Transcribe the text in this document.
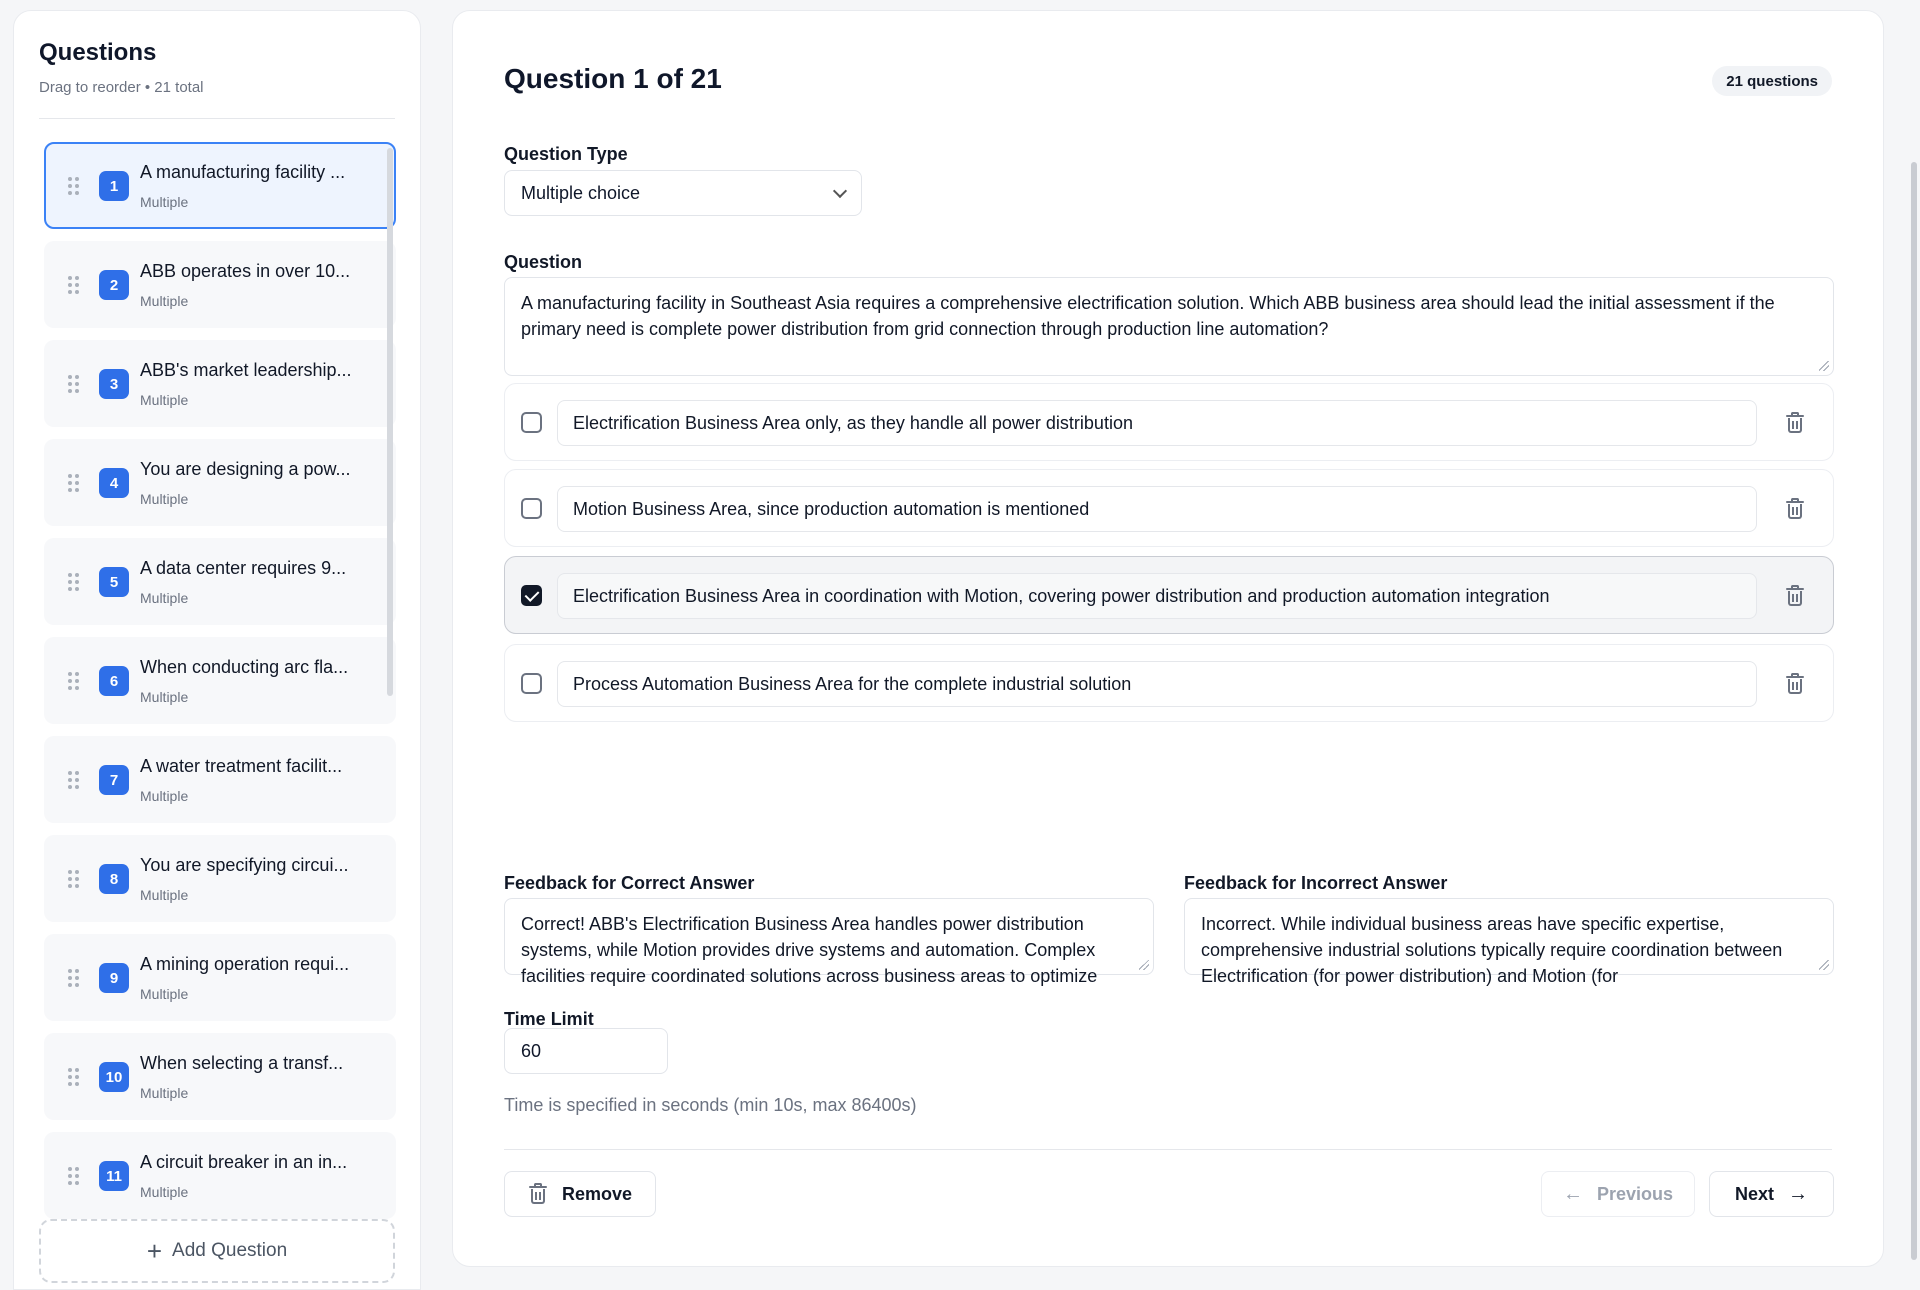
Questions
Drag to reorder • 21 total
1
A manufacturing facility ...
Multiple
2
ABB operates in over 10...
Multiple
3
ABB's market leadership...
Multiple
4
You are designing a pow...
Multiple
5
A data center requires 9...
Multiple
6
When conducting arc fla...
Multiple
7
A water treatment facilit...
Multiple
8
You are specifying circui...
Multiple
9
A mining operation requi...
Multiple
10
When selecting a transf...
Multiple
11
A circuit breaker in an in...
Multiple
+ Add Question
Question 1 of 21	21 questions
Question Type
Multiple choice
Question
A manufacturing facility in Southeast Asia requires a comprehensive electrification solution. Which ABB business area should lead the initial assessment if the primary need is complete power distribution from grid connection through production line automation?
Electrification Business Area only, as they handle all power distribution
Motion Business Area, since production automation is mentioned
Electrification Business Area in coordination with Motion, covering power distribution and production automation integration
Process Automation Business Area for the complete industrial solution
Feedback for Correct Answer
Correct! ABB's Electrification Business Area handles power distribution systems, while Motion provides drive systems and automation. Complex facilities require coordinated solutions across business areas to optimize
Feedback for Incorrect Answer
Incorrect. While individual business areas have specific expertise, comprehensive industrial solutions typically require coordination between Electrification (for power distribution) and Motion (for
Time Limit
60
Time is specified in seconds (min 10s, max 86400s)
Remove	← Previous	Next →
